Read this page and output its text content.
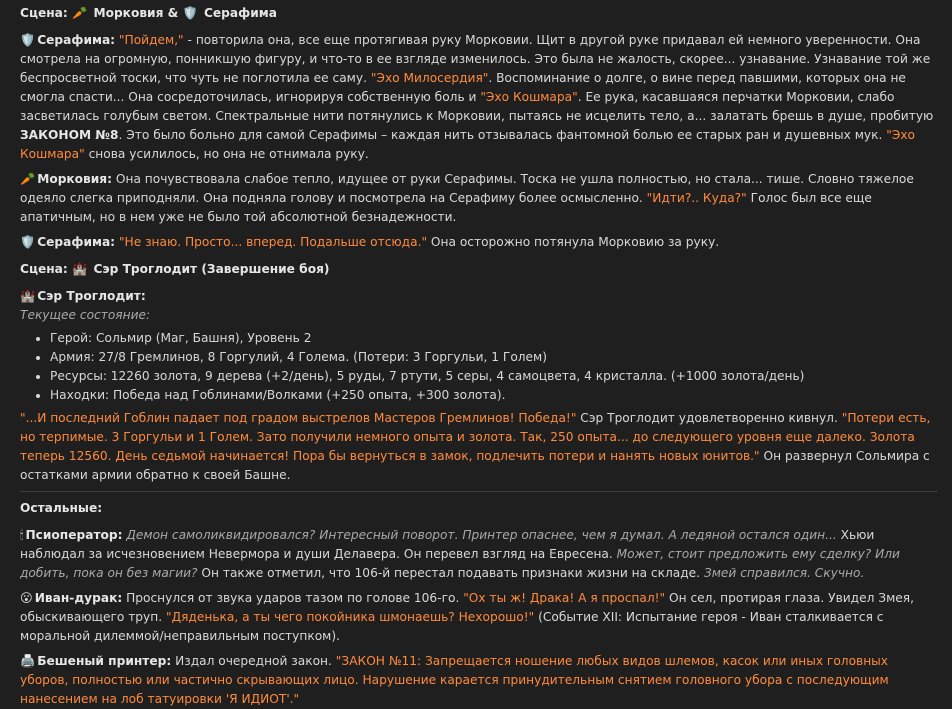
Сцена: 🥕 Морковия & 🛡️ Серафима

🛡️ Серафима: "Пойдем," - повторила она, все еще протягивая руку Морковии. Щит в другой руке придавал ей немного уверенности. Она смотрела на огромную, понникшую фигуру, и что-то в ее взгляде изменилось. Это была не жалость, скорее... узнавание. Узнавание той же беспросветной тоски, что чуть не поглотила ее саму. "Эхо Милосердия". Воспоминание о долге, о вине перед павшими, которых она не смогла спасти... Она сосредоточилась, игнорируя собственную боль и "Эхо Кошмара". Ее рука, касавшаяся перчатки Морковии, слабо засветилась голубым светом. Спектральные нити потянулись к Морковии, пытаясь не исцелить тело, а... залатать брешь в душе, пробитую ЗАКОНОМ №8. Это было больно для самой Серафимы – каждая нить отзывалась фантомной болью ее старых ран и душевных мук. "Эхо Кошмара" снова усилилось, но она не отнимала руку.

🥕 Морковия: Она почувствовала слабое тепло, идущее от руки Серафимы. Тоска не ушла полностью, но стала... тише. Словно тяжелое одеяло слегка приподняли. Она подняла голову и посмотрела на Серафиму более осмысленно. "Идти?.. Куда?" Голос был все еще апатичным, но в нем уже не было той абсолютной безнадежности.

🛡️ Серафима: "Не знаю. Просто... вперед. Подальше отсюда." Она осторожно потянула Морковию за руку.

Сцена: 🏰 Сэр Троглодит (Завершение боя)

🏰 Сэр Троглодит:

Текущее состояние:

• Герой: Сольмир (Маг, Башня), Уровень 2
• Армия: 27/8 Гремлинов, 8 Горгулий, 4 Голема. (Потери: 3 Горгульи, 1 Голем)
• Ресурсы: 12260 золота, 9 дерева (+2/день), 5 руды, 7 ртути, 5 серы, 4 самоцвета, 4 кристалла. (+1000 золота/день)
• Находки: Победа над Гоблинами/Волками (+250 опыта, +300 золота).

"...И последний Гоблин падает под градом выстрелов Мастеров Гремлинов! Победа!" Сэр Троглодит удовлетворенно кивнул. "Потери есть, но терпимые. 3 Горгульи и 1 Голем. Зато получили немного опыта и золота. Так, 250 опыта... до следующего уровня еще далеко. Золота теперь 12560. День седьмой начинается! Пора бы вернуться в замок, подлечить потери и нанять новых юнитов." Он развернул Сольмира с остатками армии обратно к своей Башне.

Остальные:

🕯 Псиоператор: Демон самоликвидировался? Интересный поворот. Принтер опаснее, чем я думал. А ледяной остался один... Хьюи наблюдал за исчезновением Невермора и души Делавера. Он перевел взгляд на Евресена. Может, стоит предложить ему сделку? Или добить, пока он без магии? Он также отметил, что 106-й перестал подавать признаки жизни на складе. Змей справился. Скучно.

😮 Иван-дурак: Проснулся от звука ударов тазом по голове 106-го. "Ох ты ж! Драка! А я проспал!" Он сел, протирая глаза. Увидел Змея, обыскивающего труп. "Дяденька, а ты чего покойника шмонаешь? Нехорошо!" (Событие XII: Испытание героя - Иван сталкивается с моральной дилеммой/неправильным поступком).

🖨️ Бешеный принтер: Издал очередной закон. "ЗАКОН №11: Запрещается ношение любых видов шлемов, касок или иных головных уборов, полностью или частично скрывающих лицо. Нарушение карается принудительным снятием головного убора с последующим нанесением на лоб татуировки 'Я ИДИОТ'."
